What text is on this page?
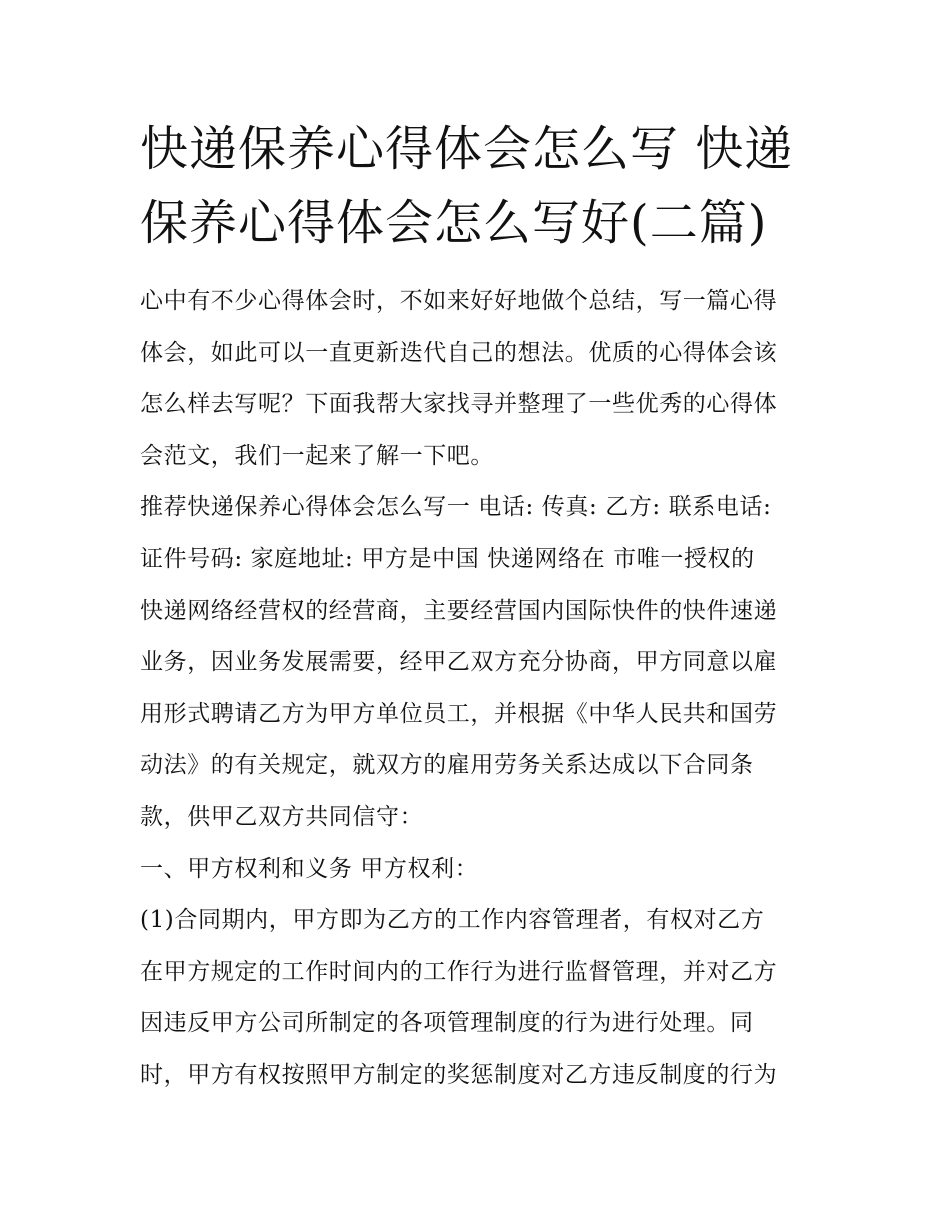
快递保养心得体会怎么写 快递
保养心得体会怎么写好(二篇)
心中有不少心得体会时，不如来好好地做个总结，写一篇心得
体会，如此可以一直更新迭代自己的想法。优质的心得体会该
怎么样去写呢？下面我帮大家找寻并整理了一些优秀的心得体
会范文，我们一起来了解一下吧。
推荐快递保养心得体会怎么写一 电话: 传真: 乙方: 联系电话:
证件号码: 家庭地址: 甲方是中国 快递网络在 市唯一授权的
快递网络经营权的经营商，主要经营国内国际快件的快件速递
业务，因业务发展需要，经甲乙双方充分协商，甲方同意以雇
用形式聘请乙方为甲方单位员工，并根据《中华人民共和国劳
动法》的有关规定，就双方的雇用劳务关系达成以下合同条
款，供甲乙双方共同信守：
一、甲方权利和义务 甲方权利：
(1)合同期内，甲方即为乙方的工作内容管理者，有权对乙方
在甲方规定的工作时间内的工作行为进行监督管理，并对乙方
因违反甲方公司所制定的各项管理制度的行为进行处理。同
时，甲方有权按照甲方制定的奖惩制度对乙方违反制度的行为
